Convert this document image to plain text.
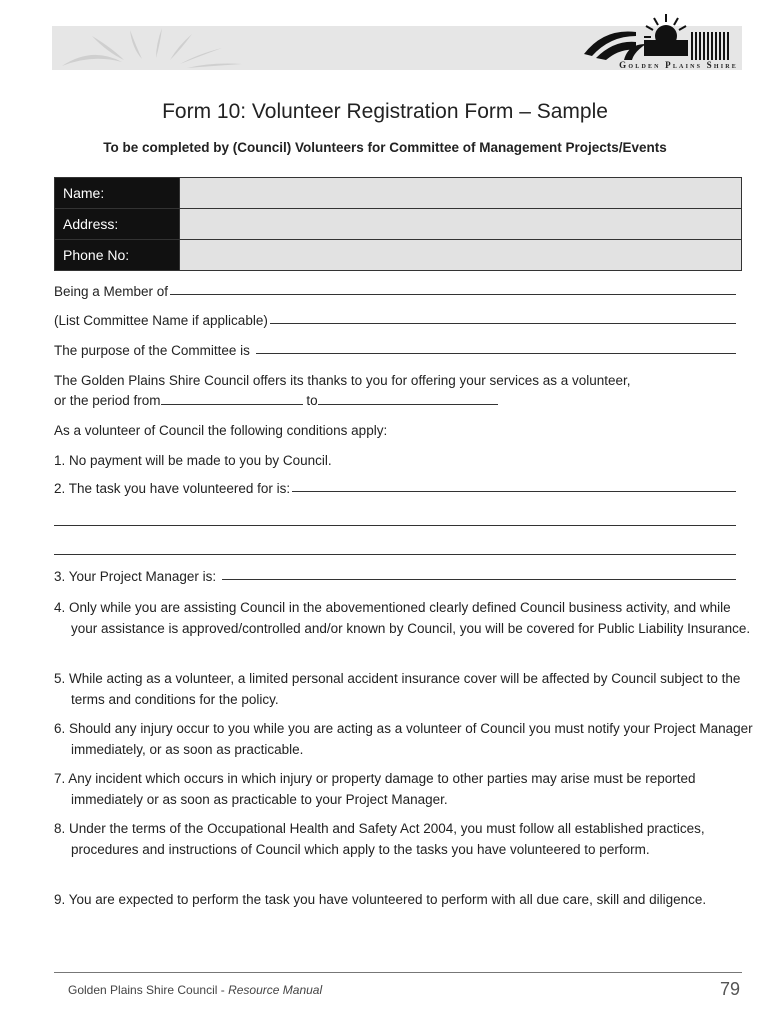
Golden Plains Shire
Form 10: Volunteer Registration Form – Sample
To be completed by (Council) Volunteers for Committee of Management Projects/Events
Name:
Address:
Phone No:
Being a Member of
(List Committee Name if applicable)
The purpose of the Committee is
The Golden Plains Shire Council offers its thanks to you for offering your services as a volunteer,
or the period from	to
As a volunteer of Council the following conditions apply:
1. No payment will be made to you by Council.
2. The task you have volunteered for is:
3. Your Project Manager is:
4. Only while you are assisting Council in the abovementioned clearly defined Council business activity, and while your assistance is approved/controlled and/or known by Council, you will be covered for Public Liability Insurance.
5. While acting as a volunteer, a limited personal accident insurance cover will be affected by Council subject to the terms and conditions for the policy.
6. Should any injury occur to you while you are acting as a volunteer of Council you must notify your Project Manager immediately, or as soon as practicable.
7. Any incident which occurs in which injury or property damage to other parties may arise must be reported immediately or as soon as practicable to your Project Manager.
8. Under the terms of the Occupational Health and Safety Act 2004, you must follow all established practices, procedures and instructions of Council which apply to the tasks you have volunteered to perform.
9. You are expected to perform the task you have volunteered to perform with all due care, skill and diligence.
Golden Plains Shire Council - Resource Manual	79
